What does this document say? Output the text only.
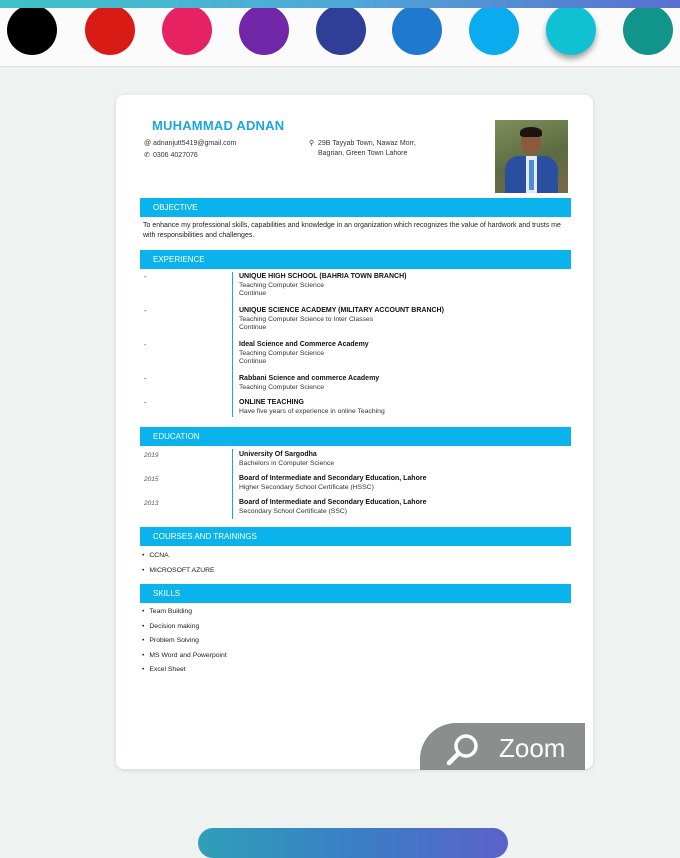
MUHAMMAD ADNAN
@ adnanjutt5419@gmail.com
✆ 0306 4027076
⚲ 29B Tayyab Town, Nawaz Morr,
Bagrian, Green Town Lahore
OBJECTIVE
To enhance my professional skills, capabilities and knowledge in an organization which recognizes the value of hardwork and trusts me with responsibilities and challenges.
EXPERIENCE
-	UNIQUE HIGH SCHOOL (BAHRIA TOWN BRANCH)
Teaching Computer Science
Continue
-	UNIQUE SCIENCE ACADEMY (MILITARY ACCOUNT BRANCH)
Teaching Computer Science to Inter Classes
Continue
-	Ideal Science and Commerce Academy
Teaching Computer Science
Continue
-	Rabbani Science and commerce Academy
Teaching Computer Science
-	ONLINE TEACHING
Have five years of experience in online Teaching
EDUCATION
2019	University Of Sargodha
Bachelors in Computer Science
2015	Board of Intermediate and Secondary Education, Lahore
Higher Secondary School Certificate (HSSC)
2013	Board of Intermediate and Secondary Education, Lahore
Secondary School Certificate (SSC)
COURSES AND TRAININGS
• CCNA
• MICROSOFT AZURE
SKILLS
• Team Building
• Decision making
• Problem Solving
• MS Word and Powerpoint
• Excel Sheet
Zoom
